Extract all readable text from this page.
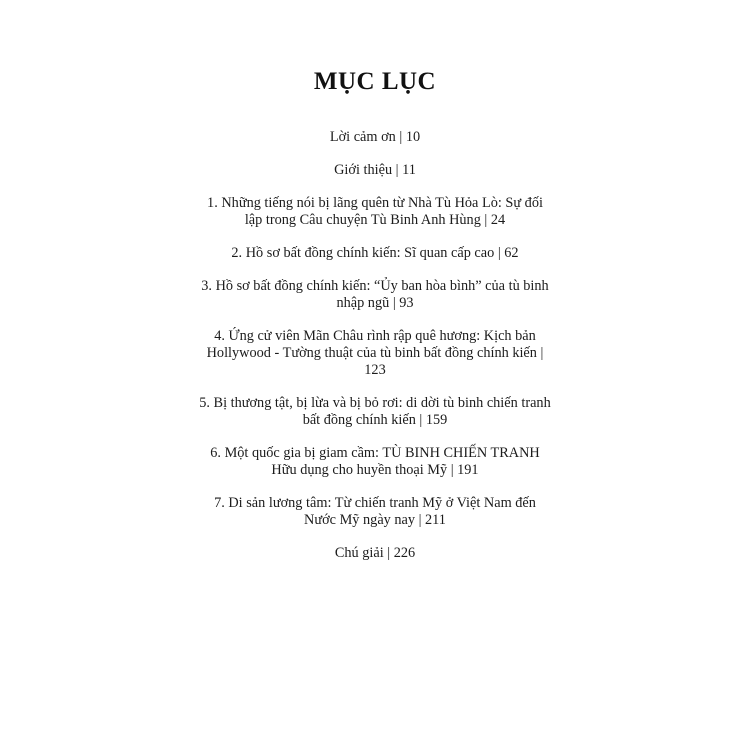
MỤC LỤC
Lời cảm ơn | 10
Giới thiệu | 11
1. Những tiếng nói bị lãng quên từ Nhà Tù Hỏa Lò: Sự đối
lập trong Câu chuyện Tù Binh Anh Hùng | 24
2. Hồ sơ bất đồng chính kiến: Sĩ quan cấp cao | 62
3. Hồ sơ bất đồng chính kiến: “Ủy ban hòa bình” của tù binh
nhập ngũ | 93
4. Ứng cử viên Mãn Châu rình rập quê hương: Kịch bản
Hollywood - Tường thuật của tù binh bất đồng chính kiến |
123
5. Bị thương tật, bị lừa và bị bỏ rơi: di dời tù binh chiến tranh
bất đồng chính kiến | 159
6. Một quốc gia bị giam cầm: TÙ BINH CHIẾN TRANH
Hữu dụng cho huyền thoại Mỹ | 191
7. Di sản lương tâm: Từ chiến tranh Mỹ ở Việt Nam đến
Nước Mỹ ngày nay | 211
Chú giải | 226
